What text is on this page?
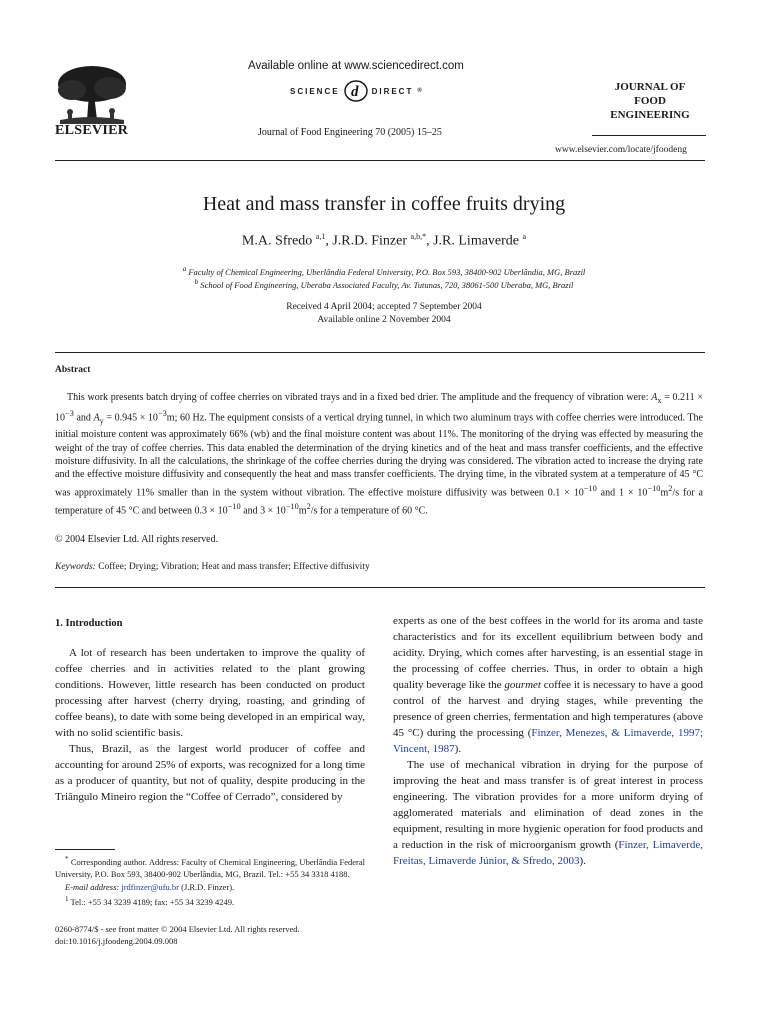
ELSEVIER
Available online at www.sciencedirect.com
SCIENCE d DIRECT ®
Journal of Food Engineering 70 (2005) 15–25
JOURNAL OF
FOOD
ENGINEERING
www.elsevier.com/locate/jfoodeng
Heat and mass transfer in coffee fruits drying
M.A. Sfredo $^{a,1}$, J.R.D. Finzer $^{a,b,*}$, J.R. Limaverde $^a$
$^a$ Faculty of Chemical Engineering, Uberlândia Federal University, P.O. Box 593, 38400-902 Uberlândia, MG, Brazil
$^b$ School of Food Engineering, Uberaba Associated Faculty, Av. Tutunas, 720, 38061-500 Uberaba, MG, Brazil
Received 4 April 2004; accepted 7 September 2004
Available online 2 November 2004
Abstract
This work presents batch drying of coffee cherries on vibrated trays and in a fixed bed drier. The amplitude and the frequency of vibration were: $A_x = 0.211 \times 10^{-3}$ and $A_y = 0.945 \times 10^{-3}m$; 60 Hz. The equipment consists of a vertical drying tunnel, in which two aluminum trays with coffee cherries were introduced. The initial moisture content was approximately 66% (wb) and the final moisture content was about 11%. The monitoring of the drying was effected by measuring the weight of the tray of coffee cherries. This data enabled the determination of the drying kinetics and of the heat and mass transfer coefficients, and the effective moisture diffusivity. In all the calculations, the shrinkage of the coffee cherries during the drying was considered. The vibration acted to increase the drying rate and the effective moisture diffusivity and consequently the heat and mass transfer coefficients. The drying time, in the vibrated system at a temperature of 45 °C was approximately 11% smaller than in the system without vibration. The effective moisture diffusivity was between $0.1 \times 10^{-10}$ and $1 \times 10^{-10}m^2/s$ for a temperature of 45 °C and between $0.3 \times 10^{-10}$ and $3 \times 10^{-10}m^2/s$ for a temperature of 60 °C.
© 2004 Elsevier Ltd. All rights reserved.
Keywords: Coffee; Drying; Vibration; Heat and mass transfer; Effective diffusivity

1. Introduction

A lot of research has been undertaken to improve the quality of coffee cherries and in activities related to the plant growing conditions. However, little research has been conducted on product processing after harvest (cherry drying, roasting, and grinding of coffee beans), to date with some being developed in an empirical way, with no solid scientific basis.

Thus, Brazil, as the largest world producer of coffee and accounting for around 25% of exports, was recognized for a long time as a producer of quantity, but not of quality, despite producing in the Triângulo Mineiro region the “Coffee of Cerrado”, considered by

experts as one of the best coffees in the world for its aroma and taste characteristics and for its excellent equilibrium between body and acidity. Drying, which comes after harvesting, is an essential stage in the processing of coffee cherries. Thus, in order to obtain a high quality beverage like the gourmet coffee it is necessary to have a good control of the harvest and drying stages, while preventing the presence of green cherries, fermentation and high temperatures (above 45 °C) during the processing (Finzer, Menezes, & Limaverde, 1997; Vincent, 1987).

The use of mechanical vibration in drying for the purpose of improving the heat and mass transfer is of great interest in process engineering. The vibration provides for a more uniform drying of agglomerated materials and elimination of dead zones in the equipment, resulting in more hygienic operation for food products and a reduction in the risk of microorganism growth (Finzer, Limaverde, Freitas, Limaverde Júnior, & Sfredo, 2003).

* Corresponding author. Address: Faculty of Chemical Engineering, Uberlândia Federal University, P.O. Box 593, 38400-902 Uberlândia, MG, Brazil. Tel.: +55 34 3318 4188.
E-mail address: jrdfinzer@ufu.br (J.R.D. Finzer).
$^1$ Tel.: +55 34 3239 4189; fax: +55 34 3239 4249.
0260-8774/$ - see front matter © 2004 Elsevier Ltd. All rights reserved.
doi:10.1016/j.jfoodeng.2004.09.008
